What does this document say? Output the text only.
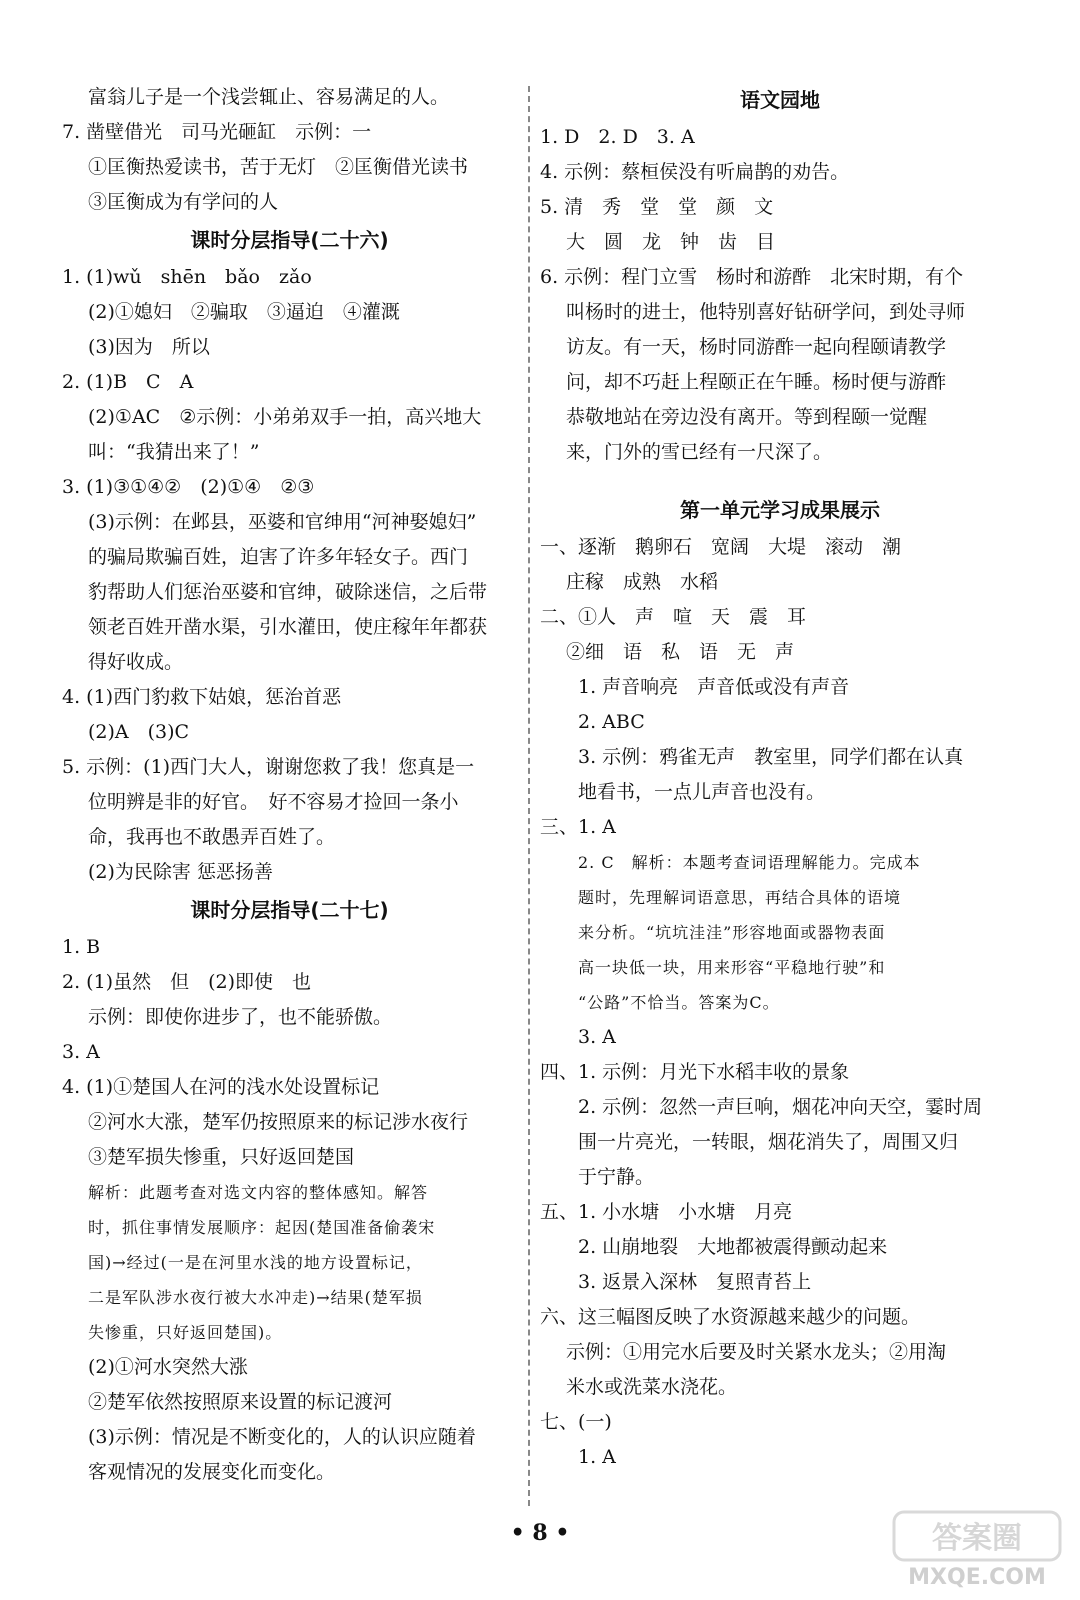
富翁儿子是一个浅尝辄止、容易满足的人。
7. 凿壁借光　司马光砸缸　示例：一
①匡衡热爱读书，苦于无灯　②匡衡借光读书
③匡衡成为有学问的人
课时分层指导(二十六)
1. (1)wǔ　shēn　bǎo　zǎo
(2)①媳妇　②骗取　③逼迫　④灌溉
(3)因为　所以
2. (1)B　C　A
(2)①AC　②示例：小弟弟双手一拍，高兴地大
叫：“我猜出来了！”
3. (1)③①④②　(2)①④　②③
(3)示例：在邺县，巫婆和官绅用“河神娶媳妇”
的骗局欺骗百姓，迫害了许多年轻女子。西门
豹帮助人们惩治巫婆和官绅，破除迷信，之后带
领老百姓开凿水渠，引水灌田，使庄稼年年都获
得好收成。
4. (1)西门豹救下姑娘，惩治首恶
(2)A　(3)C
5. 示例：(1)西门大人，谢谢您救了我！您真是一
位明辨是非的好官。　好不容易才捡回一条小
命，我再也不敢愚弄百姓了。
(2)为民除害 惩恶扬善
课时分层指导(二十七)
1. B
2. (1)虽然　但　(2)即使　也
示例：即使你进步了，也不能骄傲。
3. A
4. (1)①楚国人在河的浅水处设置标记
②河水大涨，楚军仍按照原来的标记涉水夜行
③楚军损失惨重，只好返回楚国
解析：此题考查对选文内容的整体感知。解答
时，抓住事情发展顺序：起因(楚国准备偷袭宋
国)→经过(一是在河里水浅的地方设置标记，
二是军队涉水夜行被大水冲走)→结果(楚军损
失惨重，只好返回楚国)。
(2)①河水突然大涨
②楚军依然按照原来设置的标记渡河
(3)示例：情况是不断变化的，人的认识应随着
客观情况的发展变化而变化。
语文园地
1. D　2. D　3. A
4. 示例：蔡桓侯没有听扁鹊的劝告。
5. 清　秀　堂　堂　颜　文
大　圆　龙　钟　齿　目
6. 示例：程门立雪　杨时和游酢　北宋时期，有个
叫杨时的进士，他特别喜好钻研学问，到处寻师
访友。有一天，杨时同游酢一起向程颐请教学
问，却不巧赶上程颐正在午睡。杨时便与游酢
恭敬地站在旁边没有离开。等到程颐一觉醒
来，门外的雪已经有一尺深了。
第一单元学习成果展示
一、逐渐　鹅卵石　宽阔　大堤　滚动　潮
庄稼　成熟　水稻
二、①人　声　喧　天　震　耳
②细　语　私　语　无　声
1. 声音响亮　声音低或没有声音
2. ABC
3. 示例：鸦雀无声　教室里，同学们都在认真
地看书，一点儿声音也没有。
三、1. A
2. C　解析：本题考查词语理解能力。完成本
题时，先理解词语意思，再结合具体的语境
来分析。“坑坑洼洼”形容地面或器物表面
高一块低一块，用来形容“平稳地行驶”和
“公路”不恰当。答案为C。
3. A
四、1. 示例：月光下水稻丰收的景象
2. 示例：忽然一声巨响，烟花冲向天空，霎时周
围一片亮光，一转眼，烟花消失了，周围又归
于宁静。
五、1. 小水塘　小水塘　月亮
2. 山崩地裂　大地都被震得颤动起来
3. 返景入深林　复照青苔上
六、这三幅图反映了水资源越来越少的问题。
示例：①用完水后要及时关紧水龙头；②用淘
米水或洗菜水浇花。
七、(一)
1. A
• 8 •	答案圈
MXQE.COM
